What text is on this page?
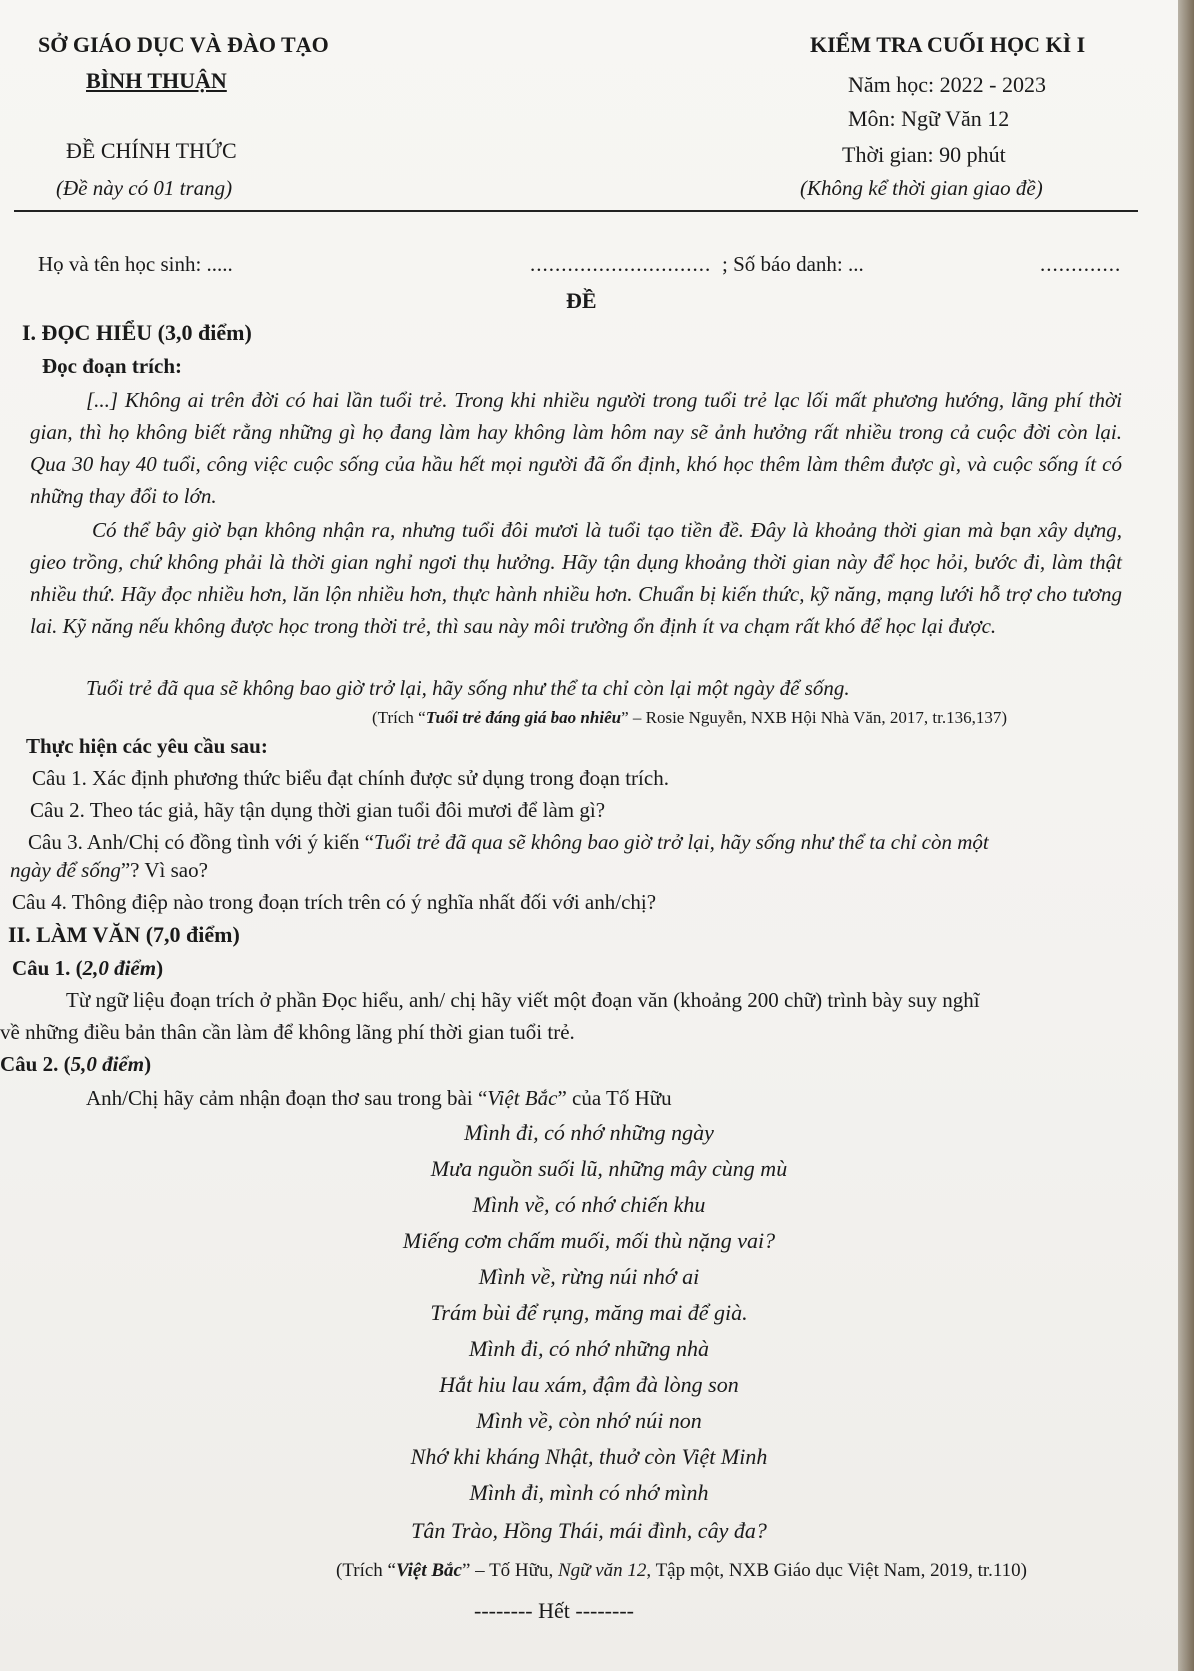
SỞ GIÁO DỤC VÀ ĐÀO TẠO
BÌNH THUẬN
ĐỀ CHÍNH THỨC
(Đề này có 01 trang)
KIỂM TRA CUỐI HỌC KÌ I
Năm học: 2022 - 2023
Môn: Ngữ Văn 12
Thời gian: 90 phút
(Không kể thời gian giao đề)
Họ và tên học sinh: .....	............................. ; Số báo danh: ...	.............
ĐỀ
I. ĐỌC HIỂU (3,0 điểm)
Đọc đoạn trích:
[...] Không ai trên đời có hai lần tuổi trẻ. Trong khi nhiều người trong tuổi trẻ lạc lối mất phương hướng, lãng phí thời gian, thì họ không biết rằng những gì họ đang làm hay không làm hôm nay sẽ ảnh hưởng rất nhiều trong cả cuộc đời còn lại. Qua 30 hay 40 tuổi, công việc cuộc sống của hầu hết mọi người đã ổn định, khó học thêm làm thêm được gì, và cuộc sống ít có những thay đổi to lớn.
Có thể bây giờ bạn không nhận ra, nhưng tuổi đôi mươi là tuổi tạo tiền đề. Đây là khoảng thời gian mà bạn xây dựng, gieo trồng, chứ không phải là thời gian nghỉ ngơi thụ hưởng. Hãy tận dụng khoảng thời gian này để học hỏi, bước đi, làm thật nhiều thứ. Hãy đọc nhiều hơn, lăn lộn nhiều hơn, thực hành nhiều hơn. Chuẩn bị kiến thức, kỹ năng, mạng lưới hỗ trợ cho tương lai. Kỹ năng nếu không được học trong thời trẻ, thì sau này môi trường ổn định ít va chạm rất khó để học lại được.
Tuổi trẻ đã qua sẽ không bao giờ trở lại, hãy sống như thể ta chỉ còn lại một ngày để sống.
(Trích “Tuổi trẻ đáng giá bao nhiêu” – Rosie Nguyễn, NXB Hội Nhà Văn, 2017, tr.136,137)
Thực hiện các yêu cầu sau:
Câu 1. Xác định phương thức biểu đạt chính được sử dụng trong đoạn trích.
Câu 2. Theo tác giả, hãy tận dụng thời gian tuổi đôi mươi để làm gì?
Câu 3. Anh/Chị có đồng tình với ý kiến “Tuổi trẻ đã qua sẽ không bao giờ trở lại, hãy sống như thể ta chỉ còn một
ngày để sống”? Vì sao?
Câu 4. Thông điệp nào trong đoạn trích trên có ý nghĩa nhất đối với anh/chị?
II. LÀM VĂN (7,0 điểm)
Câu 1. (2,0 điểm)
Từ ngữ liệu đoạn trích ở phần Đọc hiểu, anh/ chị hãy viết một đoạn văn (khoảng 200 chữ) trình bày suy nghĩ
về những điều bản thân cần làm để không lãng phí thời gian tuổi trẻ.
Câu 2. (5,0 điểm)
Anh/Chị hãy cảm nhận đoạn thơ sau trong bài “Việt Bắc” của Tố Hữu
Mình đi, có nhớ những ngày
Mưa nguồn suối lũ, những mây cùng mù
Mình về, có nhớ chiến khu
Miếng cơm chấm muối, mối thù nặng vai?
Mình về, rừng núi nhớ ai
Trám bùi để rụng, măng mai để già.
Mình đi, có nhớ những nhà
Hắt hiu lau xám, đậm đà lòng son
Mình về, còn nhớ núi non
Nhớ khi kháng Nhật, thuở còn Việt Minh
Mình đi, mình có nhớ mình
Tân Trào, Hồng Thái, mái đình, cây đa?
(Trích “Việt Bắc” – Tố Hữu, Ngữ văn 12, Tập một, NXB Giáo dục Việt Nam, 2019, tr.110)
-------- Hết --------
